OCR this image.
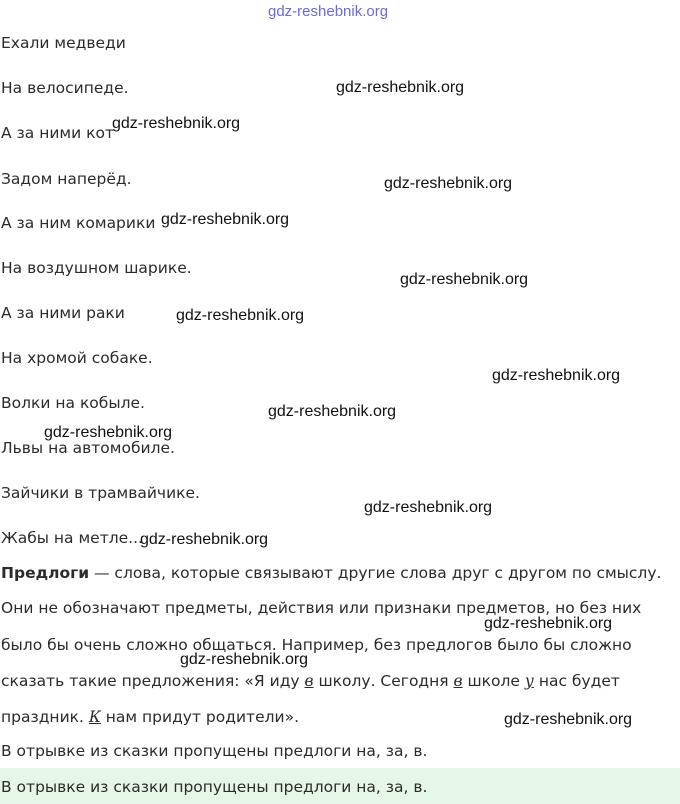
gdz-reshebnik.org
Ехали медведи
На велосипеде.
А за ними кот
Задом наперёд.
А за ним комарики
На воздушном шарике.
А за ними раки
На хромой собаке.
Волки на кобыле.
Львы на автомобиле.
Зайчики в трамвайчике.
Жабы на метле...
Предлоги — слова, которые связывают другие слова друг с другом по смыслу.
Они не обозначают предметы, действия или признаки предметов, но без них
было бы очень сложно общаться. Например, без предлогов было бы сложно
сказать такие предложения: «Я иду в школу. Сегодня в школе у нас будет
праздник. К нам придут родители».
В отрывке из сказки пропущены предлоги на, за, в.
В отрывке из сказки пропущены предлоги на, за, в.
gdz-reshebnik.org
gdz-reshebnik.org
gdz-reshebnik.org
gdz-reshebnik.org
gdz-reshebnik.org
gdz-reshebnik.org
gdz-reshebnik.org
gdz-reshebnik.org
gdz-reshebnik.org
gdz-reshebnik.org
gdz-reshebnik.org
gdz-reshebnik.org
gdz-reshebnik.org
gdz-reshebnik.org
